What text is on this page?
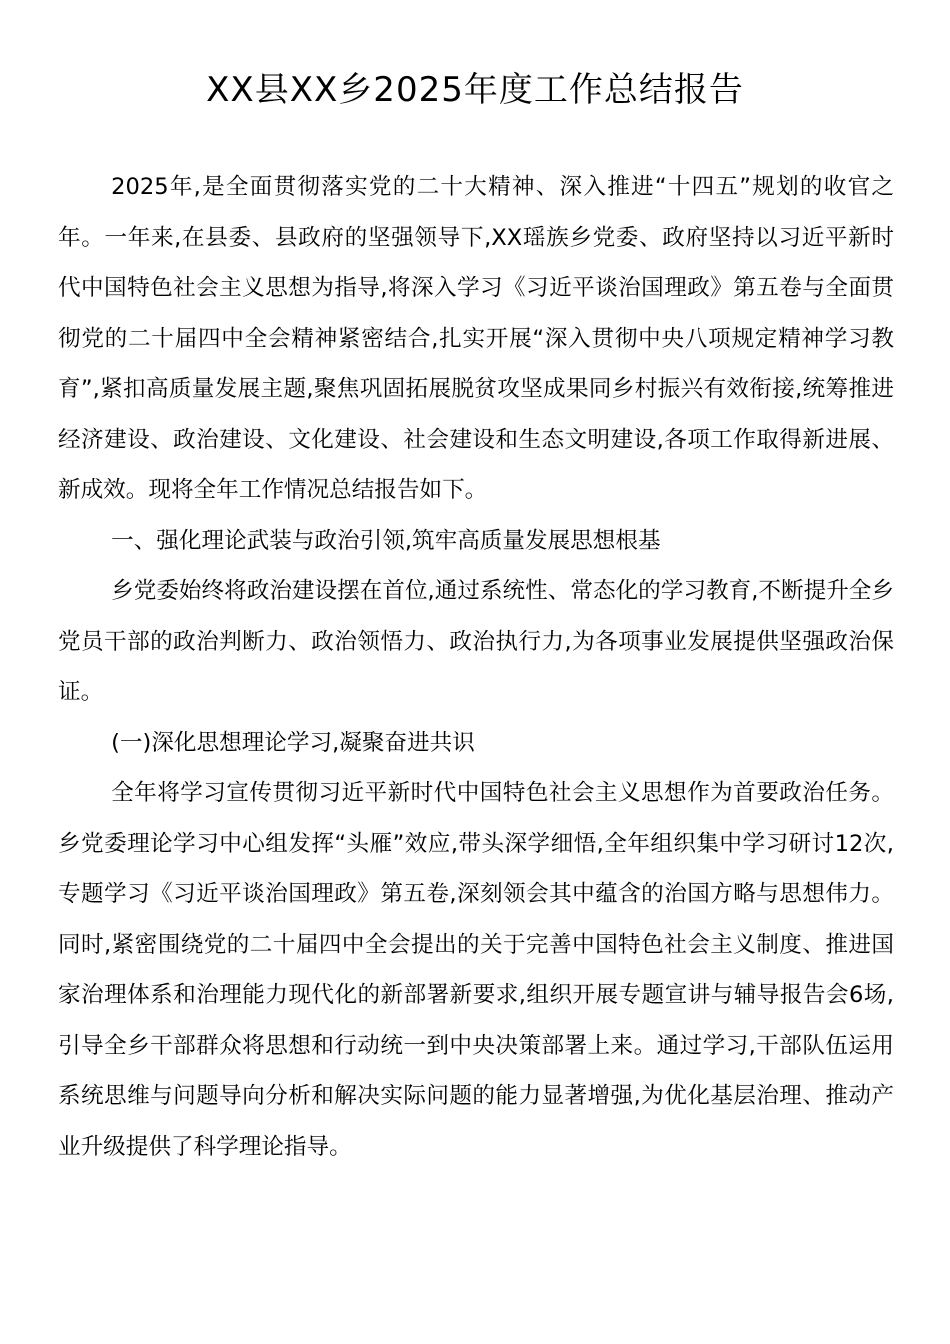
XX县XX乡2025年度工作总结报告

2025年,是全面贯彻落实党的二十大精神、深入推进“十四五”规划的收官之年。一年来,在县委、县政府的坚强领导下,XX瑶族乡党委、政府坚持以习近平新时代中国特色社会主义思想为指导,将深入学习《习近平谈治国理政》第五卷与全面贯彻党的二十届四中全会精神紧密结合,扎实开展“深入贯彻中央八项规定精神学习教育”,紧扣高质量发展主题,聚焦巩固拓展脱贫攻坚成果同乡村振兴有效衔接,统筹推进经济建设、政治建设、文化建设、社会建设和生态文明建设,各项工作取得新进展、新成效。现将全年工作情况总结报告如下。

一、强化理论武装与政治引领,筑牢高质量发展思想根基

乡党委始终将政治建设摆在首位,通过系统性、常态化的学习教育,不断提升全乡党员干部的政治判断力、政治领悟力、政治执行力,为各项事业发展提供坚强政治保证。

(一)深化思想理论学习,凝聚奋进共识

全年将学习宣传贯彻习近平新时代中国特色社会主义思想作为首要政治任务。乡党委理论学习中心组发挥“头雁”效应,带头深学细悟,全年组织集中学习研讨12次,专题学习《习近平谈治国理政》第五卷,深刻领会其中蕴含的治国方略与思想伟力。同时,紧密围绕党的二十届四中全会提出的关于完善中国特色社会主义制度、推进国家治理体系和治理能力现代化的新部署新要求,组织开展专题宣讲与辅导报告会6场,引导全乡干部群众将思想和行动统一到中央决策部署上来。通过学习,干部队伍运用系统思维与问题导向分析和解决实际问题的能力显著增强,为优化基层治理、推动产业升级提供了科学理论指导。
